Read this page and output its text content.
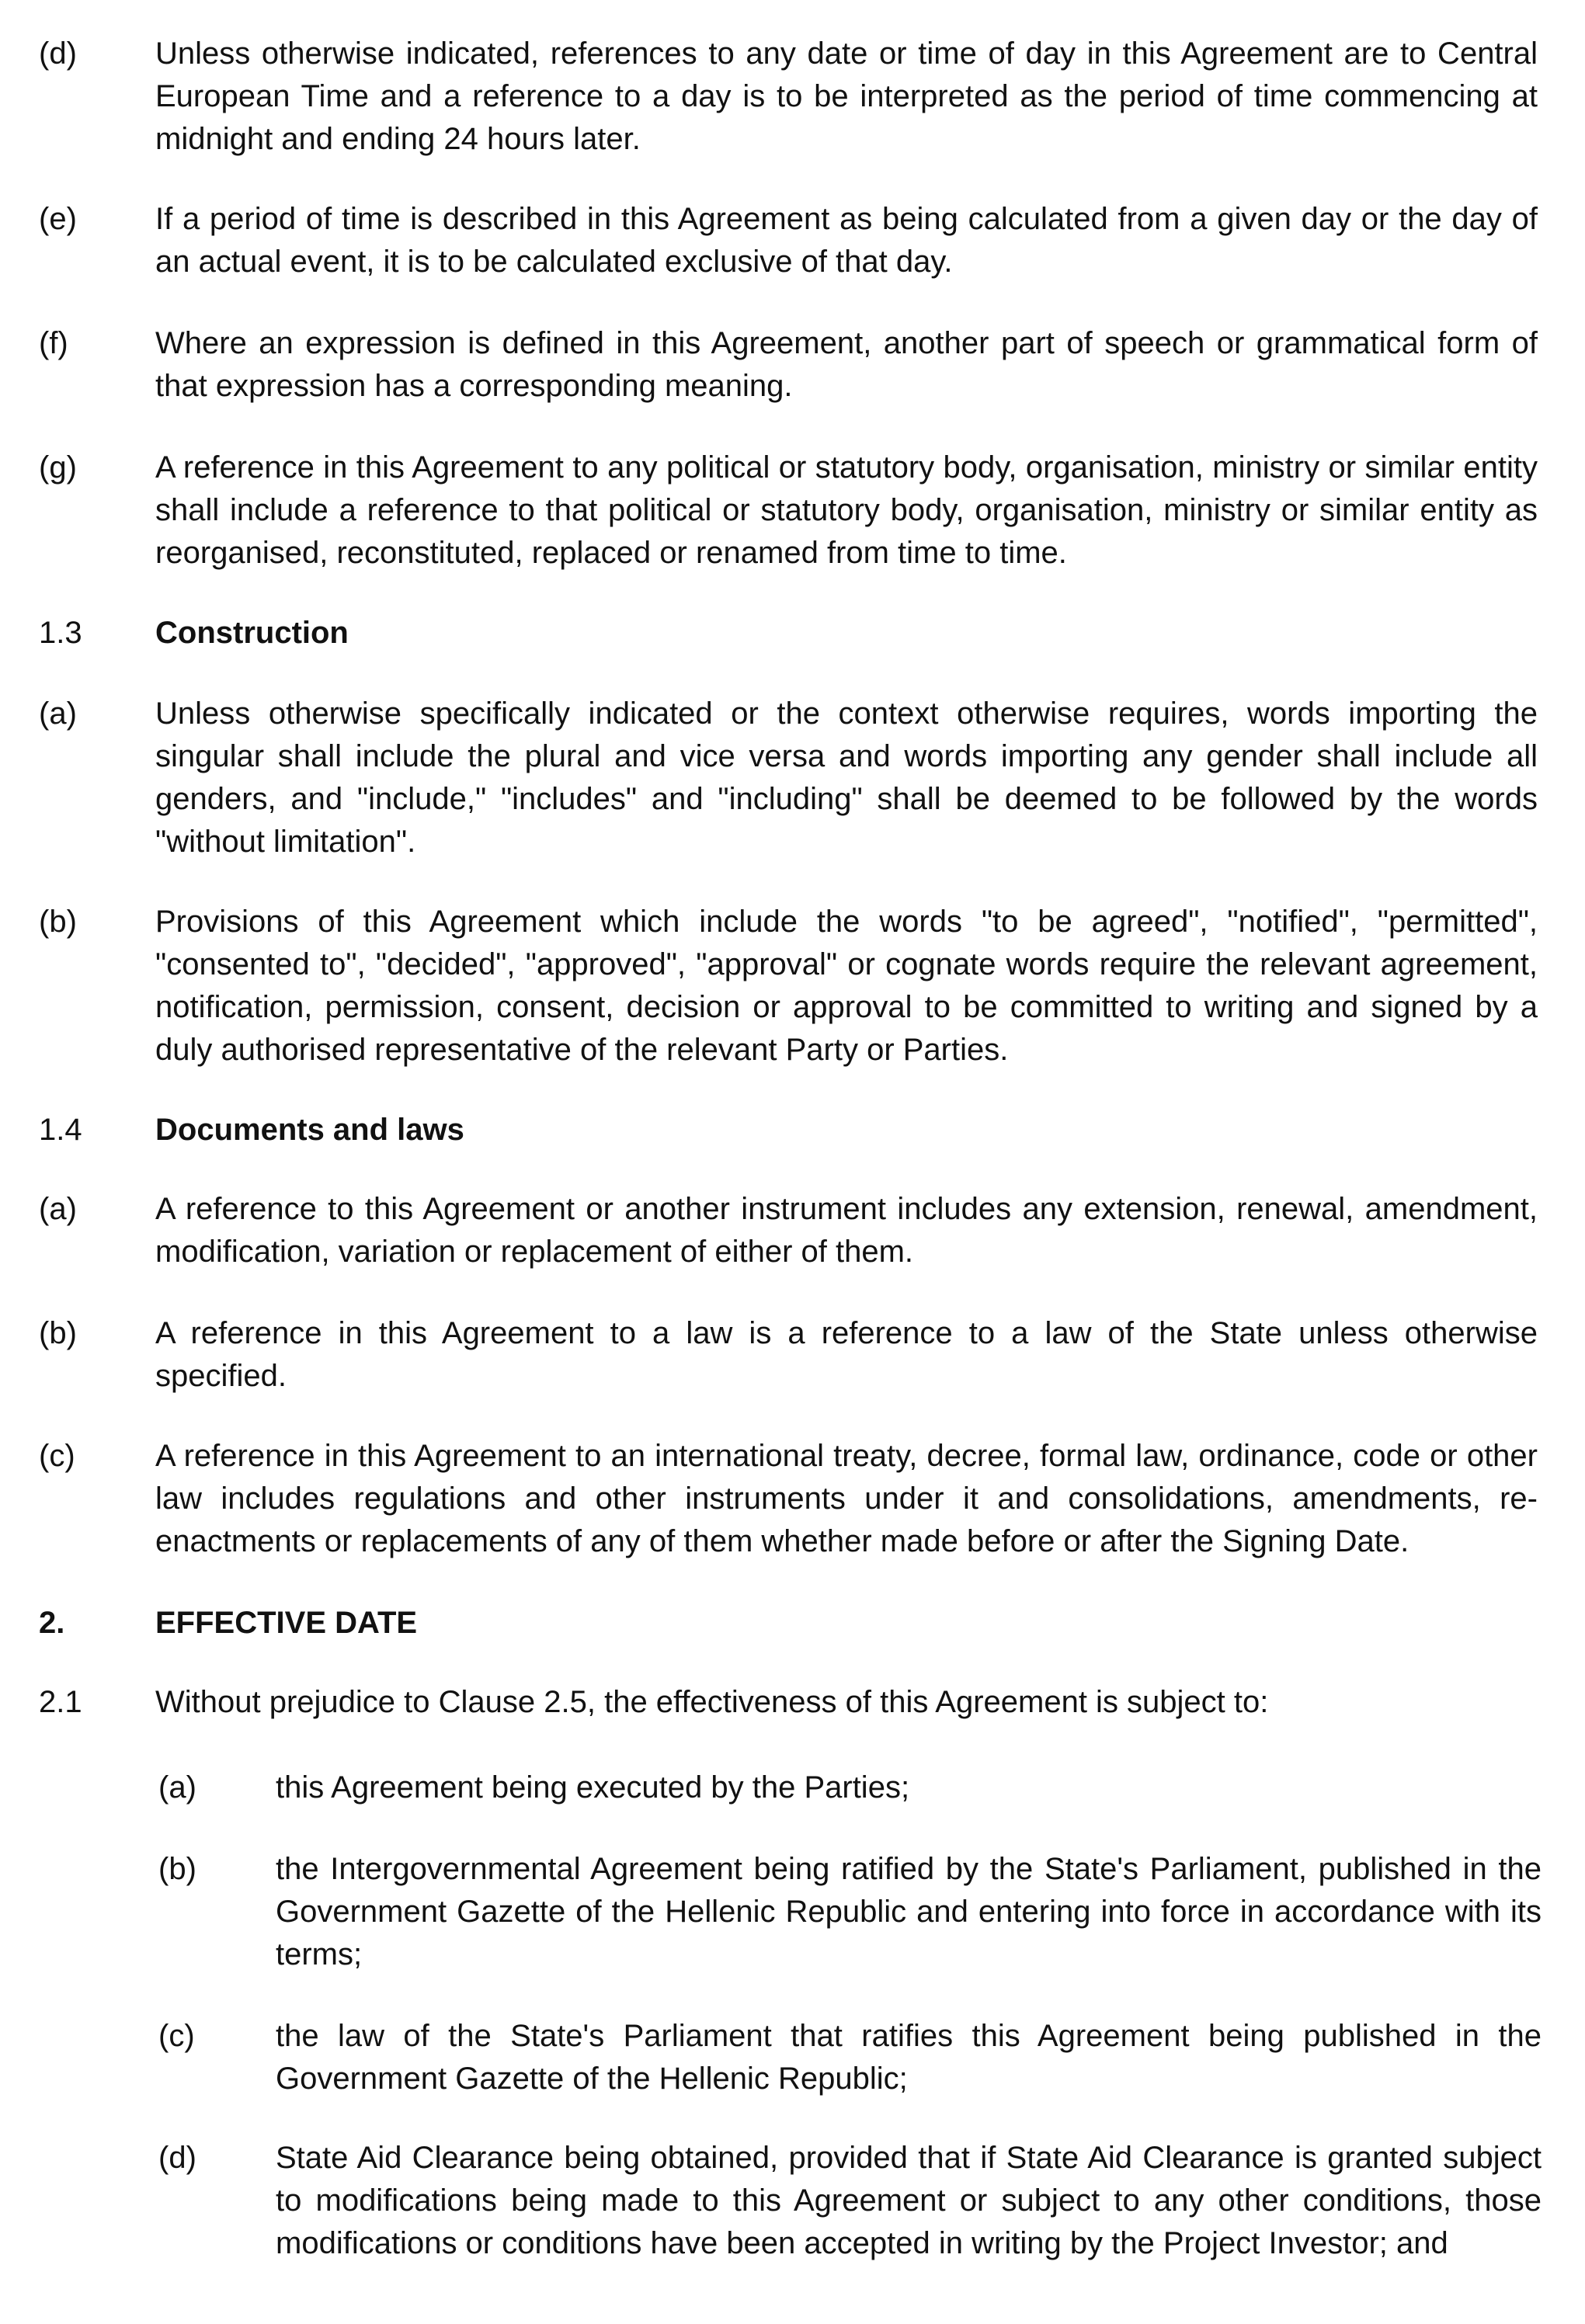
(d)	Unless otherwise indicated, references to any date or time of day in this Agreement are to Central European Time and a reference to a day is to be interpreted as the period of time commencing at midnight and ending 24 hours later.
(e)	If a period of time is described in this Agreement as being calculated from a given day or the day of an actual event, it is to be calculated exclusive of that day.
(f)	Where an expression is defined in this Agreement, another part of speech or grammatical form of that expression has a corresponding meaning.
(g)	A reference in this Agreement to any political or statutory body, organisation, ministry or similar entity shall include a reference to that political or statutory body, organisation, ministry or similar entity as reorganised, reconstituted, replaced or renamed from time to time.
1.3 Construction
(a)	Unless otherwise specifically indicated or the context otherwise requires, words importing the singular shall include the plural and vice versa and words importing any gender shall include all genders, and "include," "includes" and "including" shall be deemed to be followed by the words "without limitation".
(b)	Provisions of this Agreement which include the words "to be agreed", "notified", "permitted", "consented to", "decided", "approved", "approval" or cognate words require the relevant agreement, notification, permission, consent, decision or approval to be committed to writing and signed by a duly authorised representative of the relevant Party or Parties.
1.4 Documents and laws
(a)	A reference to this Agreement or another instrument includes any extension, renewal, amendment, modification, variation or replacement of either of them.
(b)	A reference in this Agreement to a law is a reference to a law of the State unless otherwise specified.
(c)	A reference in this Agreement to an international treaty, decree, formal law, ordinance, code or other law includes regulations and other instruments under it and consolidations, amendments, re-enactments or replacements of any of them whether made before or after the Signing Date.
2.	EFFECTIVE DATE
2.1 Without prejudice to Clause 2.5, the effectiveness of this Agreement is subject to:
(a)	this Agreement being executed by the Parties;
(b)	the Intergovernmental Agreement being ratified by the State's Parliament, published in the Government Gazette of the Hellenic Republic and entering into force in accordance with its terms;
(c)	the law of the State's Parliament that ratifies this Agreement being published in the Government Gazette of the Hellenic Republic;
(d)	State Aid Clearance being obtained, provided that if State Aid Clearance is granted subject to modifications being made to this Agreement or subject to any other conditions, those modifications or conditions have been accepted in writing by the Project Investor; and
